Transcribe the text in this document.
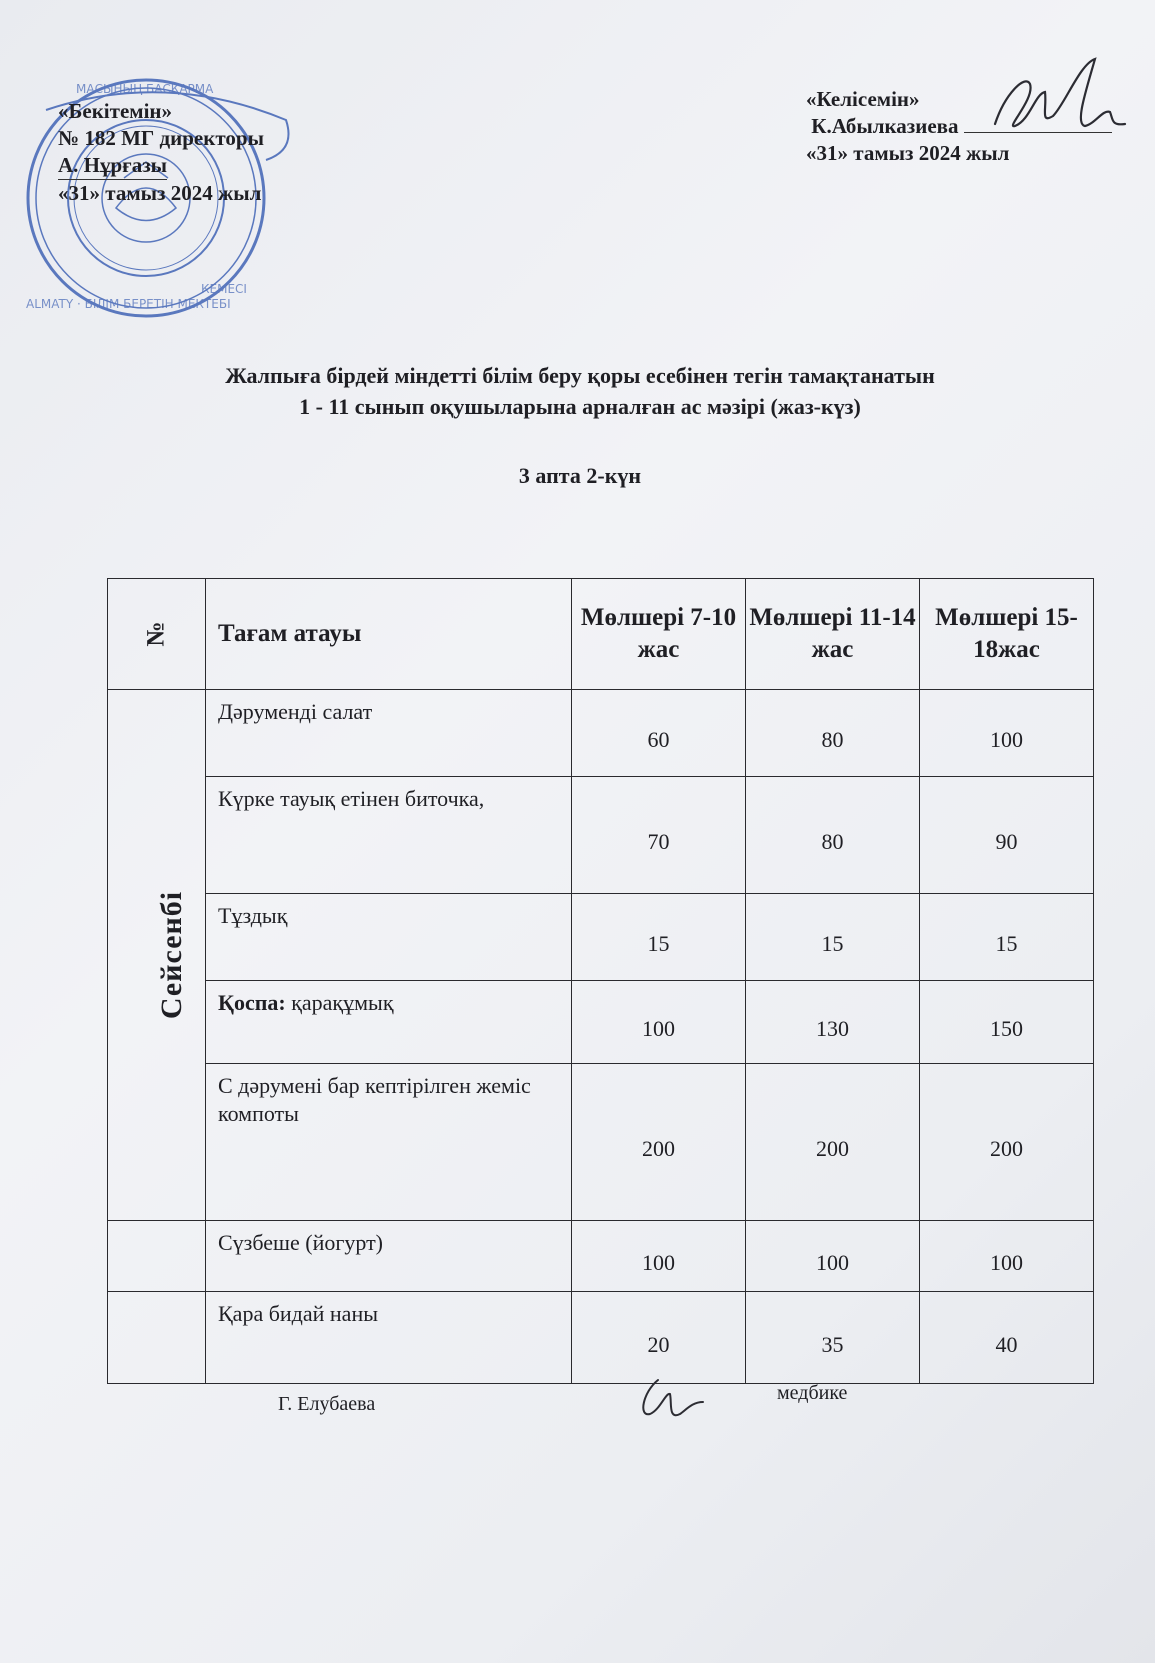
МАСЫНЫҢ БАСҚАРМА
ALMATY · БІЛІМ БЕРЕТІН МЕКТЕБІ
КЕМЕСІ
«Бекітемін»
№ 182 МГ директоры
А. Нұрғазы
«31» тамыз 2024 жыл
«Келісемін»
К.Абылказиева
«31» тамыз 2024 жыл
Жалпыға бірдей міндетті білім беру қоры есебінен тегін тамақтанатын
1 - 11 сынып оқушыларына арналған ас мәзірі (жаз-күз)
3 апта 2-күн
№	Тағам атауы	Мөлшері 7-10 жас	Мөлшері 11-14 жас	Мөлшері 15-18жас
Сейсенбі	Дәруменді салат	60	80	100
	Күрке тауық етінен биточка,	70	80	90
	Тұздық	15	15	15
	Қоспа: қарақұмық	100	130	150
	С дәрумені бар кептірілген жеміс компоты	200	200	200
	Сүзбеше (йогурт)	100	100	100
	Қара бидай наны	20	35	40
Г. Елубаева	медбике
